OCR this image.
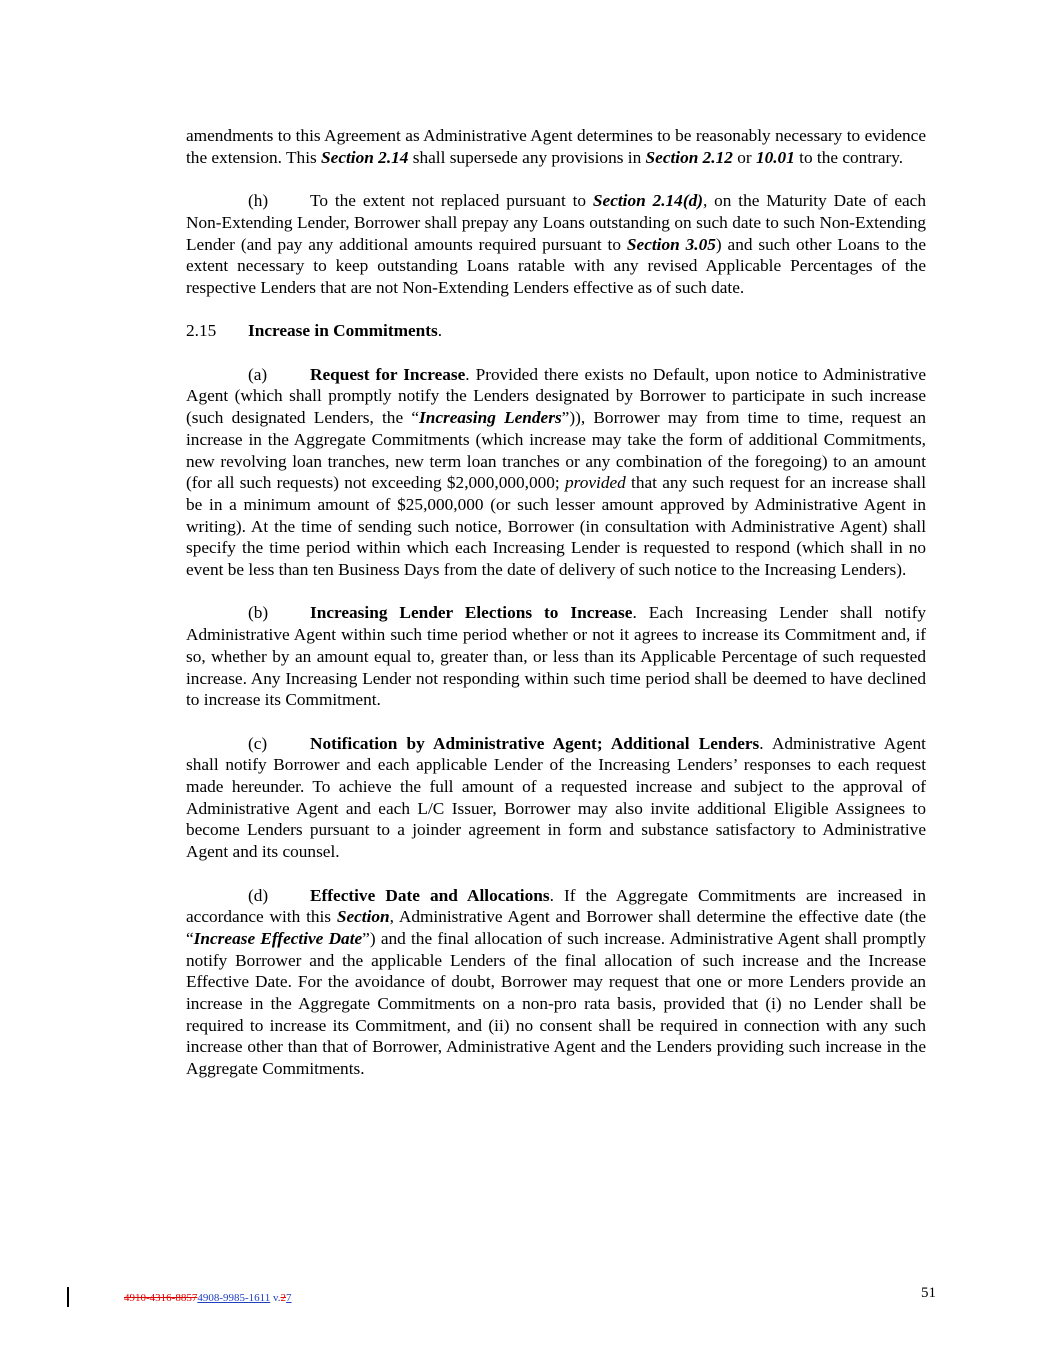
amendments to this Agreement as Administrative Agent determines to be reasonably necessary to evidence the extension. This Section 2.14 shall supersede any provisions in Section 2.12 or 10.01 to the contrary.

(h) To the extent not replaced pursuant to Section 2.14(d), on the Maturity Date of each Non-Extending Lender, Borrower shall prepay any Loans outstanding on such date to such Non-Extending Lender (and pay any additional amounts required pursuant to Section 3.05) and such other Loans to the extent necessary to keep outstanding Loans ratable with any revised Applicable Percentages of the respective Lenders that are not Non-Extending Lenders effective as of such date.

2.15 Increase in Commitments.

(a) Request for Increase. Provided there exists no Default, upon notice to Administrative Agent (which shall promptly notify the Lenders designated by Borrower to participate in such increase (such designated Lenders, the “Increasing Lenders”)), Borrower may from time to time, request an increase in the Aggregate Commitments (which increase may take the form of additional Commitments, new revolving loan tranches, new term loan tranches or any combination of the foregoing) to an amount (for all such requests) not exceeding $2,000,000,000; provided that any such request for an increase shall be in a minimum amount of $25,000,000 (or such lesser amount approved by Administrative Agent in writing). At the time of sending such notice, Borrower (in consultation with Administrative Agent) shall specify the time period within which each Increasing Lender is requested to respond (which shall in no event be less than ten Business Days from the date of delivery of such notice to the Increasing Lenders).

(b) Increasing Lender Elections to Increase. Each Increasing Lender shall notify Administrative Agent within such time period whether or not it agrees to increase its Commitment and, if so, whether by an amount equal to, greater than, or less than its Applicable Percentage of such requested increase. Any Increasing Lender not responding within such time period shall be deemed to have declined to increase its Commitment.

(c) Notification by Administrative Agent; Additional Lenders. Administrative Agent shall notify Borrower and each applicable Lender of the Increasing Lenders’ responses to each request made hereunder. To achieve the full amount of a requested increase and subject to the approval of Administrative Agent and each L/C Issuer, Borrower may also invite additional Eligible Assignees to become Lenders pursuant to a joinder agreement in form and substance satisfactory to Administrative Agent and its counsel.

(d) Effective Date and Allocations. If the Aggregate Commitments are increased in accordance with this Section, Administrative Agent and Borrower shall determine the effective date (the “Increase Effective Date”) and the final allocation of such increase. Administrative Agent shall promptly notify Borrower and the applicable Lenders of the final allocation of such increase and the Increase Effective Date. For the avoidance of doubt, Borrower may request that one or more Lenders provide an increase in the Aggregate Commitments on a non-pro rata basis, provided that (i) no Lender shall be required to increase its Commitment, and (ii) no consent shall be required in connection with any such increase other than that of Borrower, Administrative Agent and the Lenders providing such increase in the Aggregate Commitments.

4910-4316-88574908-9985-1611 v.27	51
